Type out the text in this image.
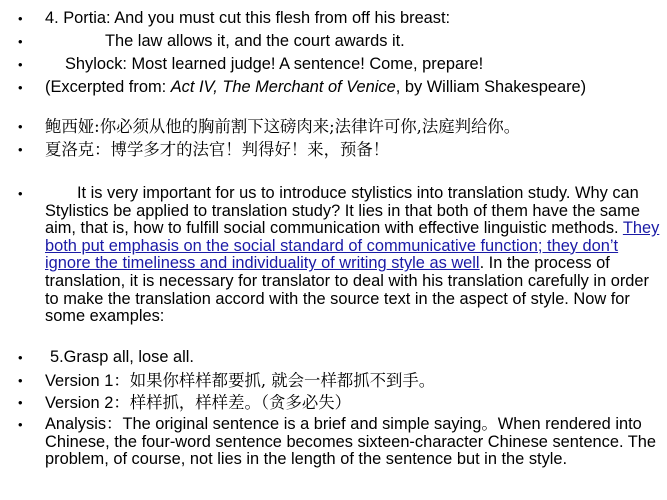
• 4. Portia: And you must cut this flesh from off his breast:
•	The law allows it, and the court awards it.
•	Shylock: Most learned judge! A sentence! Come, prepare!
• (Excerpted from: Act IV, The Merchant of Venice, by William Shakespeare)
• 鲍西娅:你必须从他的胸前割下这磅肉来;法律许可你,法庭判给你。
• 夏洛克：博学多才的法官！判得好！来，预备！
•	It is very important for us to introduce stylistics into translation study. Why can Stylistics be applied to translation study? It lies in that both of them have the same aim, that is, how to fulfill social communication with effective linguistic methods. They both put emphasis on the social standard of communicative function; they don’t ignore the timeliness and individuality of writing style as well. In the process of translation, it is necessary for translator to deal with his translation carefully in order to make the translation accord with the source text in the aspect of style. Now for some examples:
•	5.Grasp all, lose all.
• Version 1：如果你样样都要抓, 就会一样都抓不到手。
• Version 2：样样抓，样样差。（贪多必失）
• Analysis：The original sentence is a brief and simple saying。When rendered into Chinese, the four-word sentence becomes sixteen-character Chinese sentence. The problem, of course, not lies in the length of the sentence but in the style.
